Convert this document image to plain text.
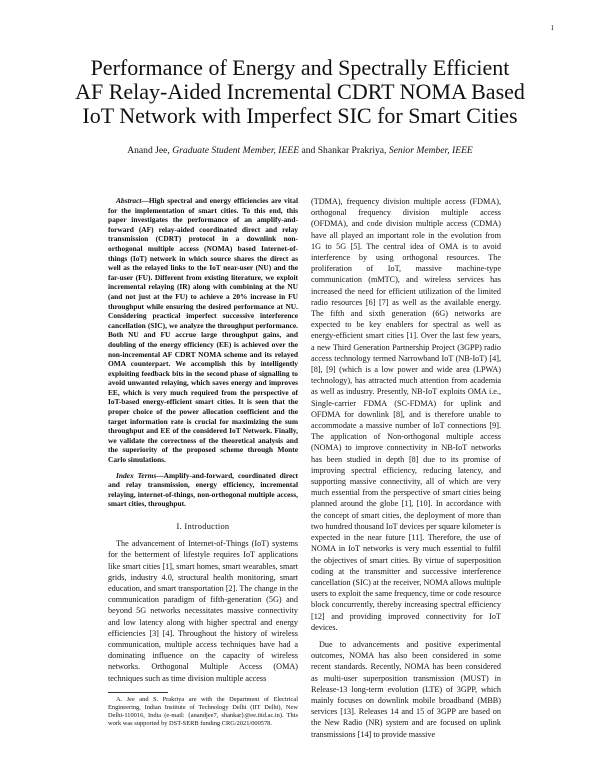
1
Performance of Energy and Spectrally Efficient
AF Relay-Aided Incremental CDRT NOMA Based
IoT Network with Imperfect SIC for Smart Cities
Anand Jee, Graduate Student Member, IEEE and Shankar Prakriya, Senior Member, IEEE

Abstract—High spectral and energy efficiencies are vital for the implementation of smart cities. To this end, this paper investigates the performance of an amplify-and-forward (AF) relay-aided coordinated direct and relay transmission (CDRT) protocol in a downlink non-orthogonal multiple access (NOMA) based Internet-of-things (IoT) network in which source shares the direct as well as the relayed links to the IoT near-user (NU) and the far-user (FU). Different from existing literature, we exploit incremental relaying (IR) along with combining at the NU (and not just at the FU) to achieve a 20% increase in FU throughput while ensuring the desired performance at NU. Considering practical imperfect successive interference cancellation (SIC), we analyze the throughput performance. Both NU and FU accrue large throughput gains, and doubling of the energy efficiency (EE) is achieved over the non-incremental AF CDRT NOMA scheme and its relayed OMA counterpart. We accomplish this by intelligently exploiting feedback bits in the second phase of signalling to avoid unwanted relaying, which saves energy and improves EE, which is very much required from the perspective of IoT-based energy-efficient smart cities. It is seen that the proper choice of the power allocation coefficient and the target information rate is crucial for maximizing the sum throughput and EE of the considered IoT Network. Finally, we validate the correctness of the theoretical analysis and the superiority of the proposed scheme through Monte Carlo simulations.

Index Terms—Amplify-and-forward, coordinated direct and relay transmission, energy efficiency, incremental relaying, internet-of-things, non-orthogonal multiple access, smart cities, throughput.

I. Introduction

The advancement of Internet-of-Things (IoT) systems for the betterment of lifestyle requires IoT applications like smart cities [1], smart homes, smart wearables, smart grids, industry 4.0, structural health monitoring, smart education, and smart transportation [2]. The change in the communication paradigm of fifth-generation (5G) and beyond 5G networks necessitates massive connectivity and low latency along with higher spectral and energy efficiencies [3] [4]. Throughout the history of wireless communication, multiple access techniques have had a dominating influence on the capacity of wireless networks. Orthogonal Multiple Access (OMA) techniques such as time division multiple access

A. Jee and S. Prakriya are with the Department of Electrical Engineering, Indian Institute of Technology Delhi (IIT Delhi), New Delhi-110016, India (e-mail: {anandjee7, shankar}@ee.iitd.ac.in). This work was supported by DST-SERB funding CRG/2021/000578.

(TDMA), frequency division multiple access (FDMA), orthogonal frequency division multiple access (OFDMA), and code division multiple access (CDMA) have all played an important role in the evolution from 1G to 5G [5]. The central idea of OMA is to avoid interference by using orthogonal resources. The proliferation of IoT, massive machine-type communication (mMTC), and wireless services has increased the need for efficient utilization of the limited radio resources [6] [7] as well as the available energy. The fifth and sixth generation (6G) networks are expected to be key enablers for spectral as well as energy-efficient smart cities [1]. Over the last few years, a new Third Generation Partnership Project (3GPP) radio access technology termed Narrowband IoT (NB-IoT) [4], [8], [9] (which is a low power and wide area (LPWA) technology), has attracted much attention from academia as well as industry. Presently, NB-IoT exploits OMA i.e., Single-carrier FDMA (SC-FDMA) for uplink and OFDMA for downlink [8], and is therefore unable to accommodate a massive number of IoT connections [9]. The application of Non-orthogonal multiple access (NOMA) to improve connectivity in NB-IoT networks has been studied in depth [8] due to its promise of improving spectral efficiency, reducing latency, and supporting massive connectivity, all of which are very much essential from the perspective of smart cities being planned around the globe [1], [10]. In accordance with the concept of smart cities, the deployment of more than two hundred thousand IoT devices per square kilometer is expected in the near future [11]. Therefore, the use of NOMA in IoT networks is very much essential to fulfil the objectives of smart cities. By virtue of superposition coding at the transmitter and successive interference cancellation (SIC) at the receiver, NOMA allows multiple users to exploit the same frequency, time or code resource block concurrently, thereby increasing spectral efficiency [12] and providing improved connectivity for IoT devices.

Due to advancements and positive experimental outcomes, NOMA has also been considered in some recent standards. Recently, NOMA has been considered as multi-user superposition transmission (MUST) in Release-13 long-term evolution (LTE) of 3GPP, which mainly focuses on downlink mobile broadband (MBB) services [13]. Releases 14 and 15 of 3GPP are based on the New Radio (NR) system and are focused on uplink transmissions [14] to provide massive
